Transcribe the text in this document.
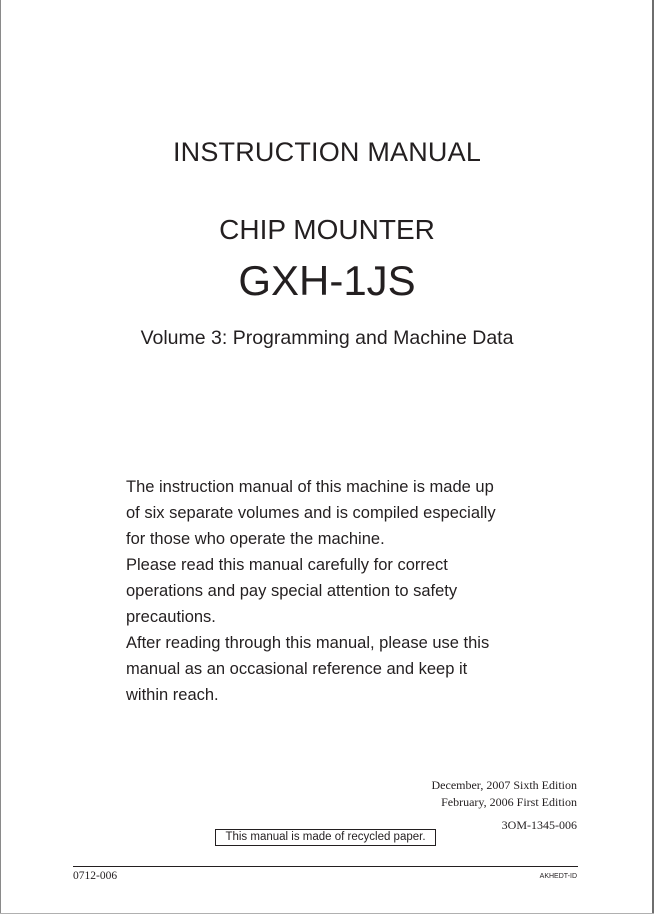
INSTRUCTION MANUAL
CHIP MOUNTER
GXH-1JS
Volume 3: Programming and Machine Data
The instruction manual of this machine is made up
of six separate volumes and is compiled especially
for those who operate the machine.
Please read this manual carefully for correct
operations and pay special attention to safety
precautions.
After reading through this manual, please use this
manual as an occasional reference and keep it
within reach.
December, 2007 Sixth Edition
February, 2006 First Edition
3OM-1345-006
This manual is made of recycled paper.
0712-006	AKHEDT-ID
